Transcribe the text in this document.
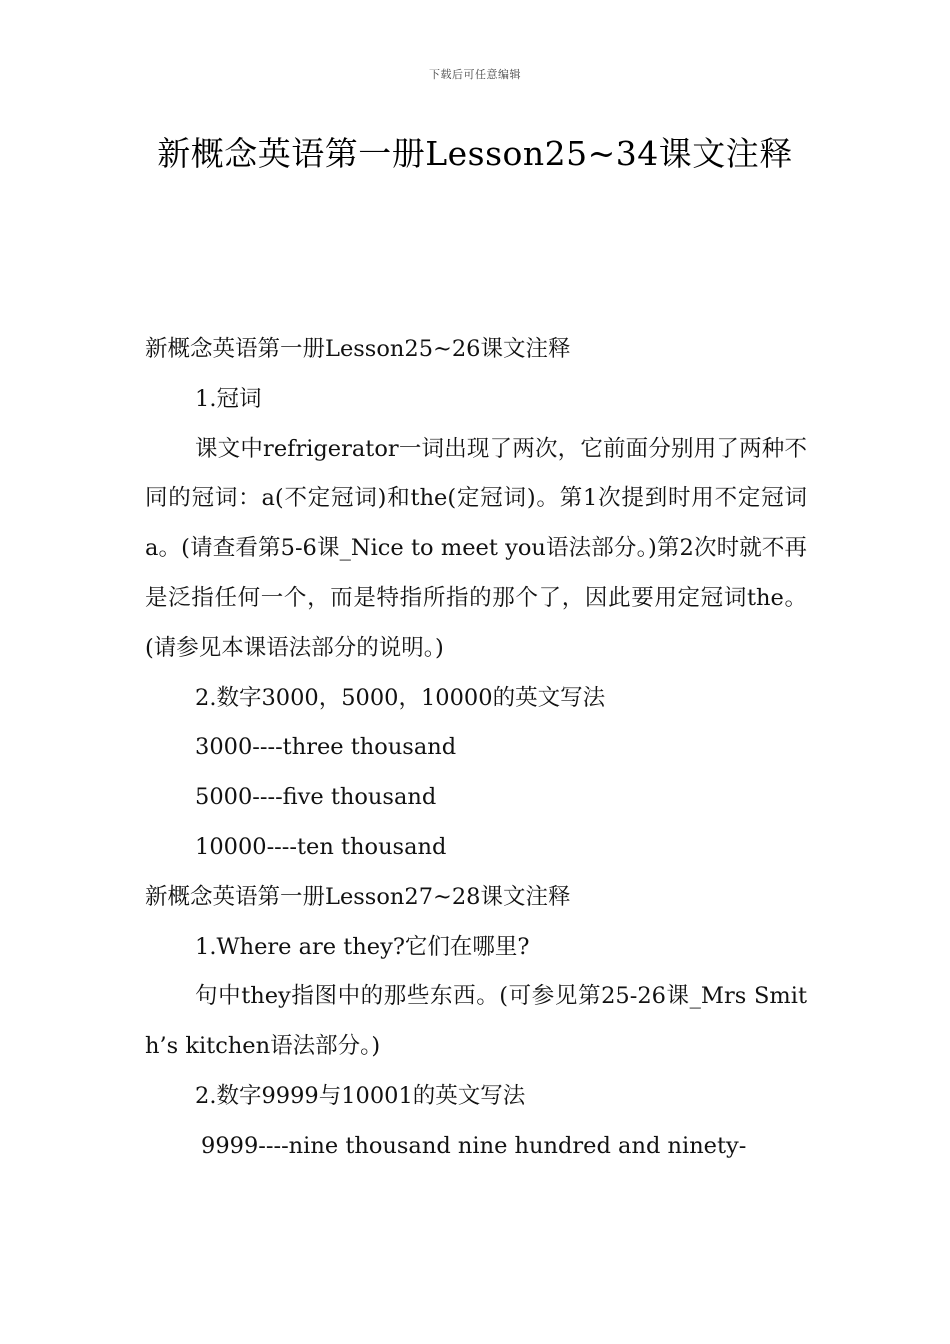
下载后可任意编辑
新概念英语第一册Lesson25~34课文注释

新概念英语第一册Lesson25~26课文注释

1.冠词

课文中refrigerator一词出现了两次，它前面分别用了两种不同的冠词：a(不定冠词)和the(定冠词)。第1次提到时用不定冠词a。(请查看第5-6课_Nice to meet you语法部分。)第2次时就不再是泛指任何一个，而是特指所指的那个了，因此要用定冠词the。(请参见本课语法部分的说明。)

2.数字3000，5000，10000的英文写法

3000----three thousand

5000----five thousand

10000----ten thousand

新概念英语第一册Lesson27~28课文注释

1.Where are they?它们在哪里?

句中they指图中的那些东西。(可参见第25-26课_Mrs Smith’s kitchen语法部分。)

2.数字9999与10001的英文写法

9999----nine thousand nine hundred and ninety-
